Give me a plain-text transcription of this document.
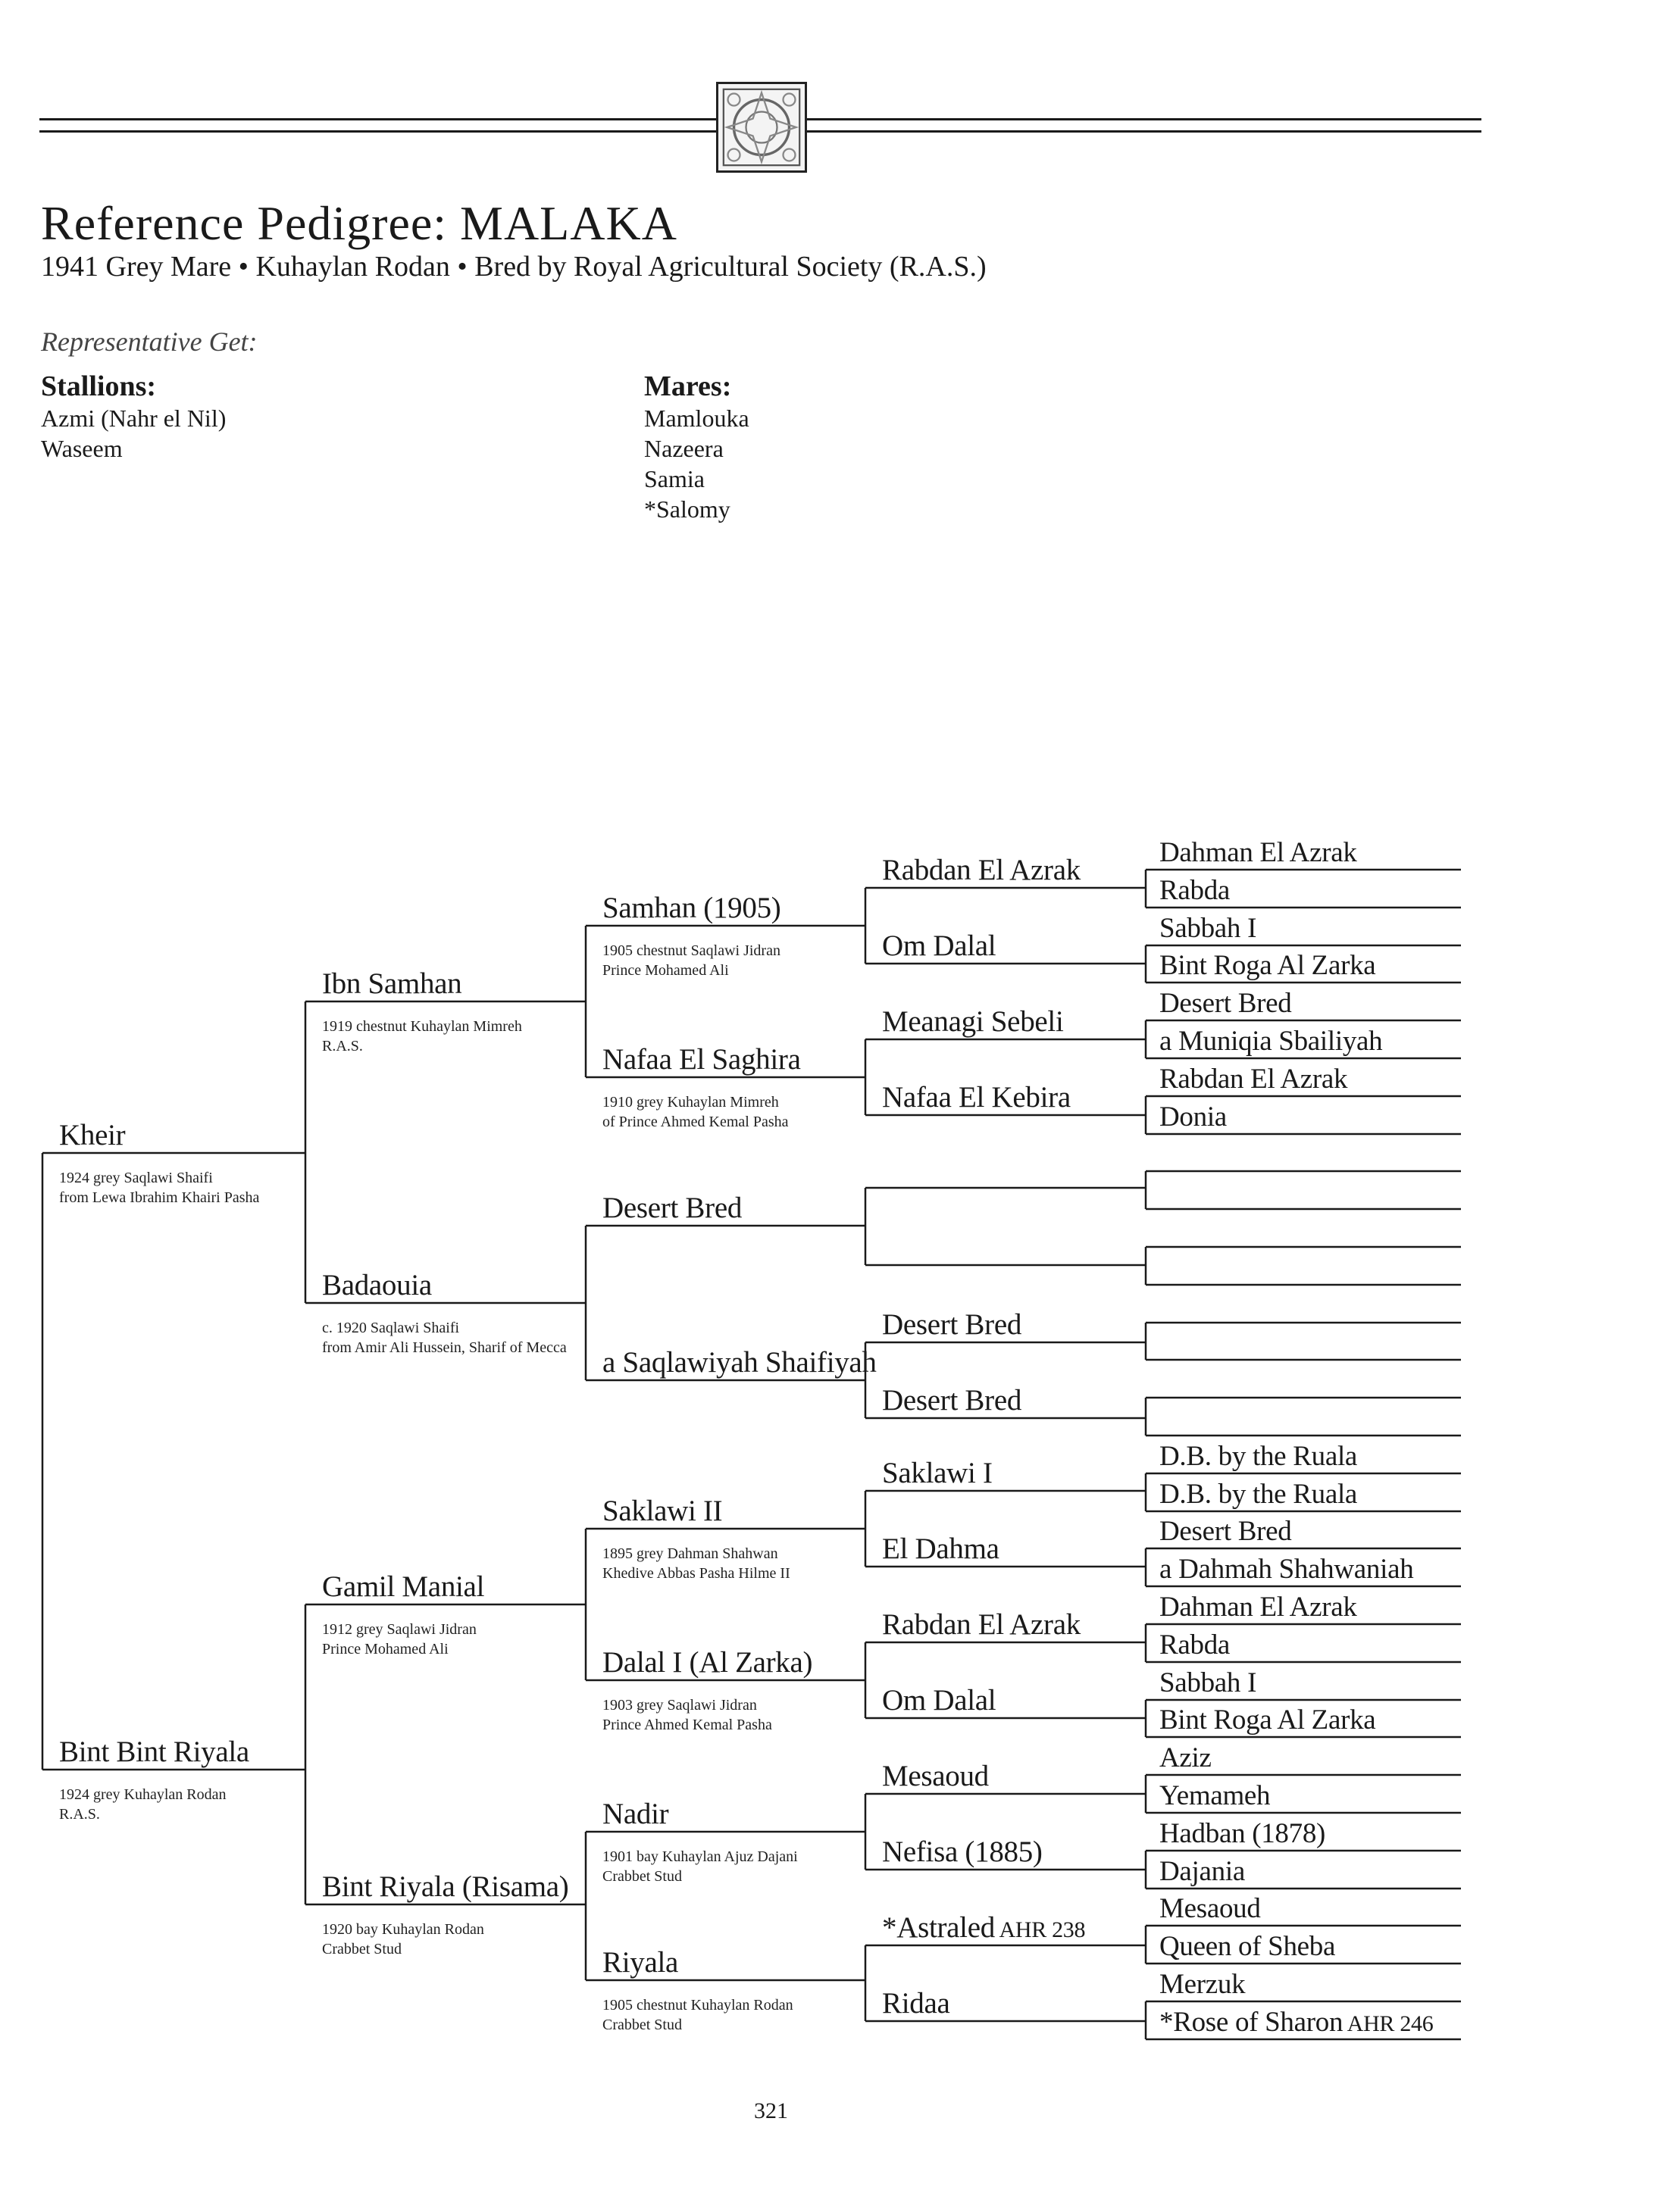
Reference Pedigree: MALAKA
1941 Grey Mare • Kuhaylan Rodan • Bred by Royal Agricultural Society (R.A.S.)
Representative Get:
Stallions:
Azmi (Nahr el Nil)
Waseem
Mares:
Mamlouka
Nazeera
Samia
*Salomy
Kheir
1924 grey Saqlawi Shaifi
from Lewa Ibrahim Khairi Pasha
Bint Bint Riyala
1924 grey Kuhaylan Rodan
R.A.S.
Ibn Samhan
1919 chestnut Kuhaylan Mimreh
R.A.S.
Badaouia
c. 1920 Saqlawi Shaifi
from Amir Ali Hussein, Sharif of Mecca
Gamil Manial
1912 grey Saqlawi Jidran
Prince Mohamed Ali
Bint Riyala (Risama)
1920 bay Kuhaylan Rodan
Crabbet Stud
Samhan (1905)
1905 chestnut Saqlawi Jidran
Prince Mohamed Ali
Nafaa El Saghira
1910 grey Kuhaylan Mimreh
of Prince Ahmed Kemal Pasha
Desert Bred
a Saqlawiyah Shaifiyah
Saklawi II
1895 grey Dahman Shahwan
Khedive Abbas Pasha Hilme II
Dalal I (Al Zarka)
1903 grey Saqlawi Jidran
Prince Ahmed Kemal Pasha
Nadir
1901 bay Kuhaylan Ajuz Dajani
Crabbet Stud
Riyala
1905 chestnut Kuhaylan Rodan
Crabbet Stud
Rabdan El Azrak
Om Dalal
Meanagi Sebeli
Nafaa El Kebira
Desert Bred
Desert Bred
Saklawi I
El Dahma
Rabdan El Azrak
Om Dalal
Mesaoud
Nefisa (1885)
*Astraled AHR 238
Ridaa
Dahman El Azrak
Rabda
Sabbah I
Bint Roga Al Zarka
Desert Bred
a Muniqia Sbailiyah
Rabdan El Azrak
Donia
D.B. by the Ruala
D.B. by the Ruala
Desert Bred
a Dahmah Shahwaniah
Dahman El Azrak
Rabda
Sabbah I
Bint Roga Al Zarka
Aziz
Yemameh
Hadban (1878)
Dajania
Mesaoud
Queen of Sheba
Merzuk
*Rose of Sharon AHR 246
321
